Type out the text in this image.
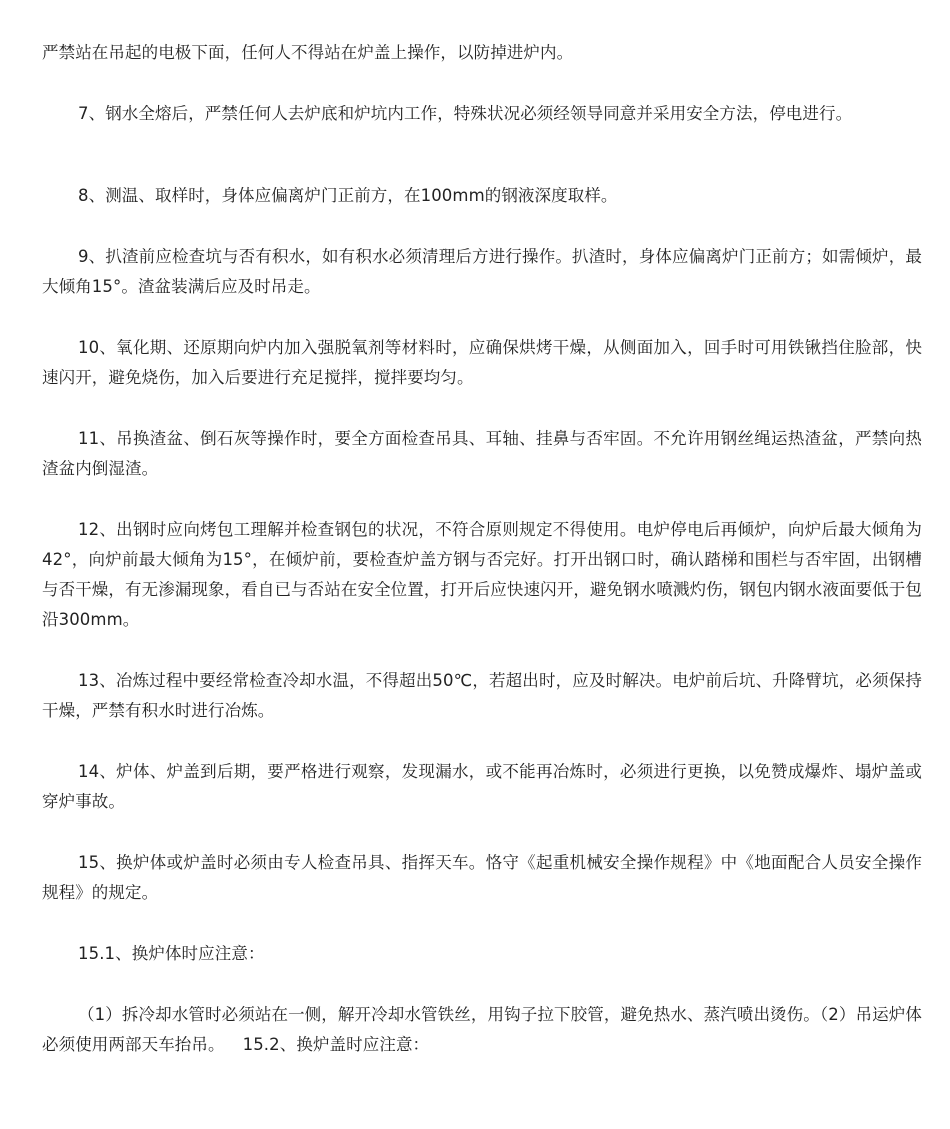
严禁站在吊起的电极下面，任何人不得站在炉盖上操作，以防掉进炉内。

7、钢水全熔后，严禁任何人去炉底和炉坑内工作，特殊状况必须经领导同意并采用安全方法，停电进行。

8、测温、取样时，身体应偏离炉门正前方，在100mm的钢液深度取样。

9、扒渣前应检查坑与否有积水，如有积水必须清理后方进行操作。扒渣时，身体应偏离炉门正前方；如需倾炉，最大倾角15°。渣盆装满后应及时吊走。

10、氧化期、还原期向炉内加入强脱氧剂等材料时，应确保烘烤干燥，从侧面加入，回手时可用铁锹挡住脸部，快速闪开，避免烧伤，加入后要进行充足搅拌，搅拌要均匀。

11、吊换渣盆、倒石灰等操作时，要全方面检查吊具、耳轴、挂鼻与否牢固。不允许用钢丝绳运热渣盆，严禁向热渣盆内倒湿渣。

12、出钢时应向烤包工理解并检查钢包的状况，不符合原则规定不得使用。电炉停电后再倾炉，向炉后最大倾角为42°，向炉前最大倾角为15°，在倾炉前，要检查炉盖方钢与否完好。打开出钢口时，确认踏梯和围栏与否牢固，出钢槽与否干燥，有无渗漏现象，看自已与否站在安全位置，打开后应快速闪开，避免钢水喷溅灼伤，钢包内钢水液面要低于包沿300mm。

13、冶炼过程中要经常检查冷却水温，不得超出50℃，若超出时，应及时解决。电炉前后坑、升降臂坑，必须保持干燥，严禁有积水时进行冶炼。

14、炉体、炉盖到后期，要严格进行观察，发现漏水，或不能再冶炼时，必须进行更换，以免赞成爆炸、塌炉盖或穿炉事故。

15、换炉体或炉盖时必须由专人检查吊具、指挥天车。恪守《起重机械安全操作规程》中《地面配合人员安全操作规程》的规定。

15.1、换炉体时应注意：

（1）拆冷却水管时必须站在一侧，解开冷却水管铁丝，用钩子拉下胶管，避免热水、蒸汽喷出烫伤。（2）吊运炉体必须使用两部天车抬吊。 15.2、换炉盖时应注意：
